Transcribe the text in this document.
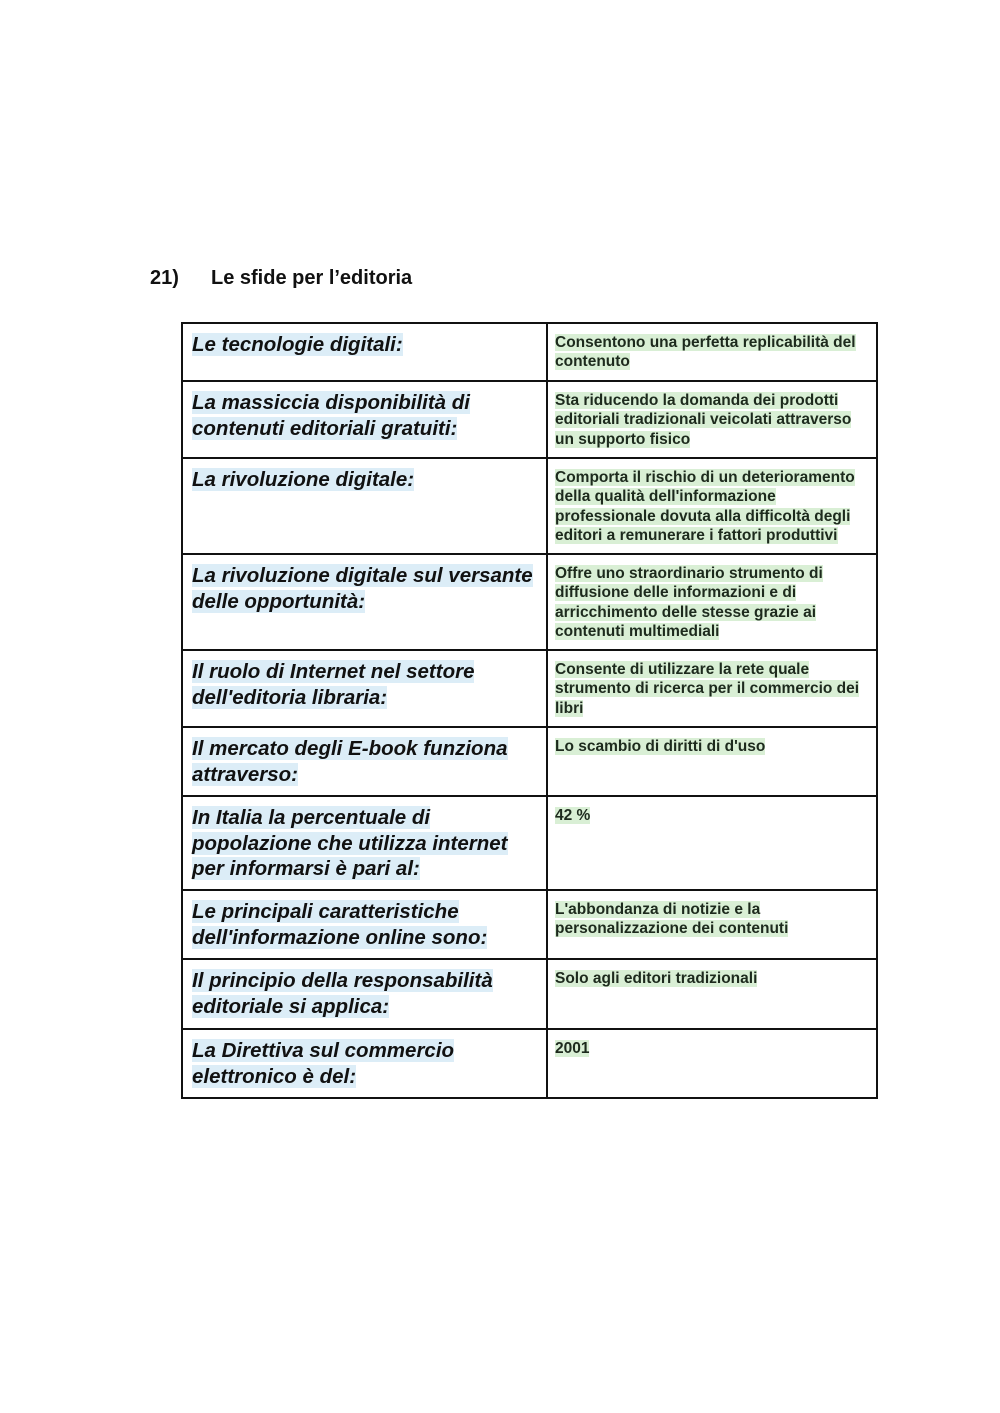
21)	Le sfide per l’editoria
Le tecnologie digitali:	Consentono una perfetta replicabilità del contenuto
La massiccia disponibilità di contenuti editoriali gratuiti:	Sta riducendo la domanda dei prodotti editoriali tradizionali veicolati attraverso un supporto fisico
La rivoluzione digitale:	Comporta il rischio di un deterioramento della qualità dell'informazione professionale dovuta alla difficoltà degli editori a remunerare i fattori produttivi
La rivoluzione digitale sul versante delle opportunità:	Offre uno straordinario strumento di diffusione delle informazioni e di arricchimento delle stesse grazie ai contenuti multimediali
Il ruolo di Internet nel settore dell'editoria libraria:	Consente di utilizzare la rete quale strumento di ricerca per il commercio dei libri
Il mercato degli E-book funziona attraverso:	Lo scambio di diritti di d'uso
In Italia la percentuale di popolazione che utilizza internet per informarsi è pari al:	42 %
Le principali caratteristiche dell'informazione online sono:	L'abbondanza di notizie e la personalizzazione dei contenuti
Il principio della responsabilità editoriale si applica:	Solo agli editori tradizionali
La Direttiva sul commercio elettronico è del:	2001
